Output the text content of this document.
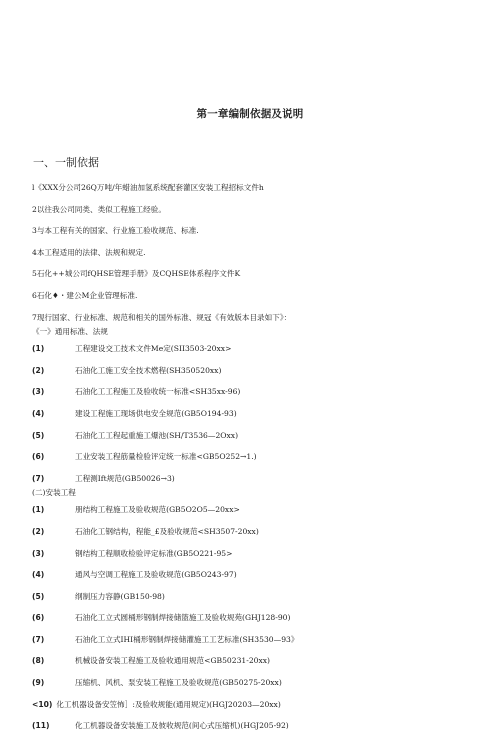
第一章编制依据及说明
一、一制依据
l《XXX分公司26Q万吨/年蜡油加氢系统配套灌区安装工程招标文件h
2以往我公司同类、类似工程施工经验。
3与本工程有关的国家、行业施工验收规范、标准.
4本工程适用的法律、法规和规定.
5石化++城公司fQHSE管理手册》及CQHSE体系程序文件K
6石化♦・建公M企业管理标准.
7现行国家、行业标准、规范和相关的国外标准、规冠《有效版本目录如下》：
《一》通用标准、法规
(1)	工程建设交工技术文件Me定(SII3503-20xx>
(2)	石油化工施工安全技术燃程(SH350520xx)
(3)	石油化工工程施工及验收统一标准<SH35xx-96)
(4)	建设工程施工现场供电安全规范(GB5O194-93)
(5)	石油化工工程起重施工爆池(SH/T3536—2Oxx)
(6)	工业安装工程筋量检验评定统一标准<GB5O252→1.)
(7)	工程测Ift规范(GB50026→3)
(二)安装工程
(1)	朋结构工程施工及验收规范(GB5O2O5—20xx>
(2)	石油化工钢结构，程能_£及验收规范<SH3507-20xx)
(3)	钢结构工程顺收检验评定标准(GB5O221-95>
(4)	通风与空调工程施工及验收规范(GB5O243-97)
(5)	纲制压力容静(GB150-98)
(6)	石油化工立式圆桶形钢制焊接储篮施工及验收规苑(GHJ128-90)
(7)	石油化工立式IHI桶形钢制焊接储灌施工工艺标准(SH3530—93》
(8)	机械设备安装工程施工及验收通用规范<GB50231-20xx)
(9)	压缩机、风机、泵安装工程施工及验收规范(GB50275-20xx)
<10) 化工机器设备安笠怖］:及验收规能(通用规定)(HGJ20203—20xx)
(11)	化工机器设备安装施工及彼收规范(间心式压缩机)(HGJ205-92)
